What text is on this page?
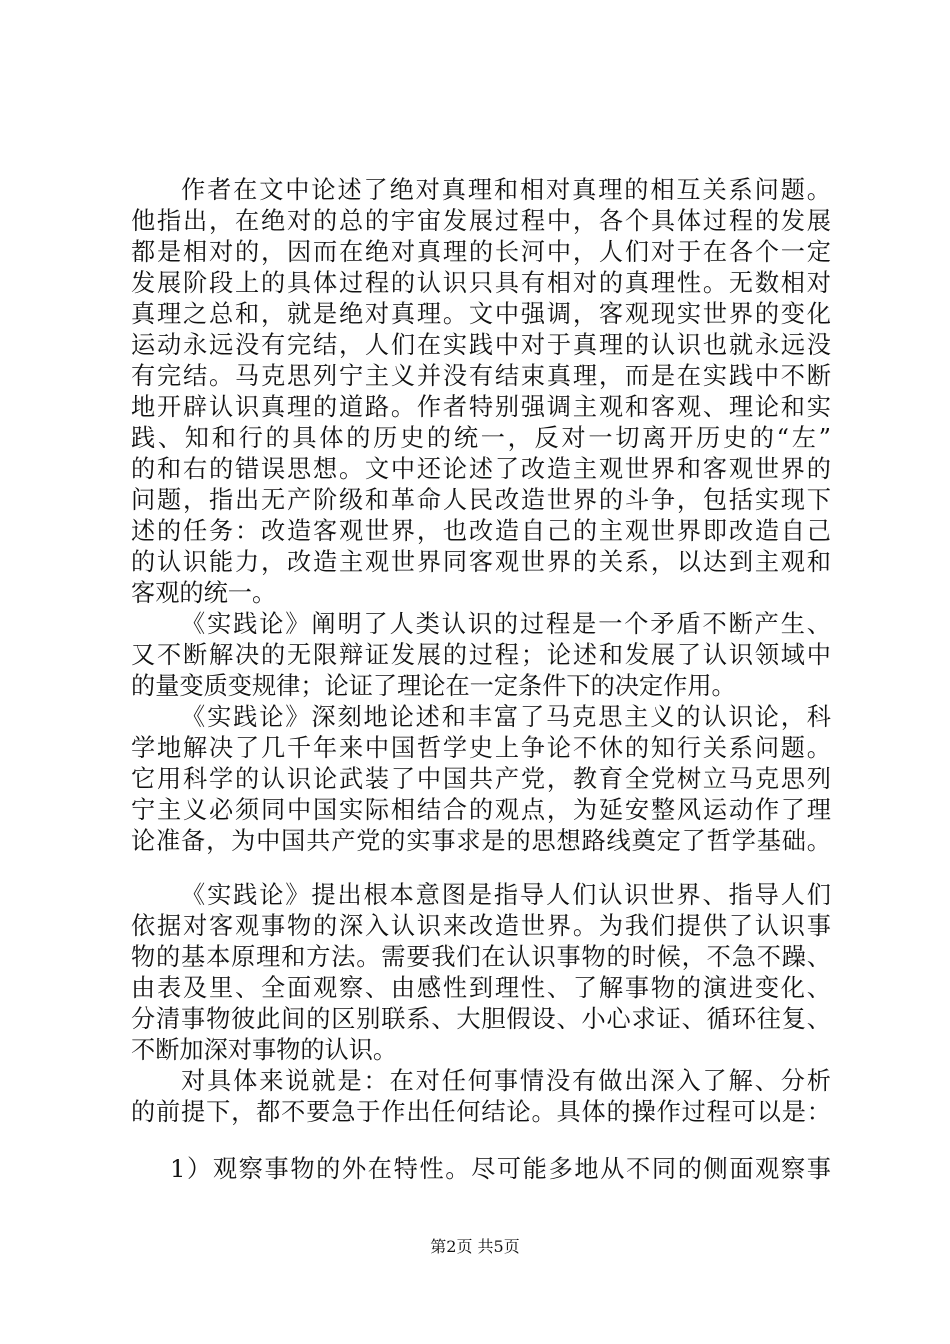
作者在文中论述了绝对真理和相对真理的相互关系问题。
他指出，在绝对的总的宇宙发展过程中，各个具体过程的发展
都是相对的，因而在绝对真理的长河中，人们对于在各个一定
发展阶段上的具体过程的认识只具有相对的真理性。无数相对
真理之总和，就是绝对真理。文中强调，客观现实世界的变化
运动永远没有完结，人们在实践中对于真理的认识也就永远没
有完结。马克思列宁主义并没有结束真理，而是在实践中不断
地开辟认识真理的道路。作者特别强调主观和客观、理论和实
践、知和行的具体的历史的统一，反对一切离开历史的“左”
的和右的错误思想。文中还论述了改造主观世界和客观世界的
问题，指出无产阶级和革命人民改造世界的斗争，包括实现下
述的任务：改造客观世界，也改造自己的主观世界即改造自己
的认识能力，改造主观世界同客观世界的关系，以达到主观和
客观的统一。
《实践论》阐明了人类认识的过程是一个矛盾不断产生、
又不断解决的无限辩证发展的过程；论述和发展了认识领域中
的量变质变规律；论证了理论在一定条件下的决定作用。
《实践论》深刻地论述和丰富了马克思主义的认识论，科
学地解决了几千年来中国哲学史上争论不休的知行关系问题。
它用科学的认识论武装了中国共产党，教育全党树立马克思列
宁主义必须同中国实际相结合的观点，为延安整风运动作了理
论准备，为中国共产党的实事求是的思想路线奠定了哲学基础。
《实践论》提出根本意图是指导人们认识世界、指导人们
依据对客观事物的深入认识来改造世界。为我们提供了认识事
物的基本原理和方法。需要我们在认识事物的时候，不急不躁、
由表及里、全面观察、由感性到理性、了解事物的演进变化、
分清事物彼此间的区别联系、大胆假设、小心求证、循环往复、
不断加深对事物的认识。
对具体来说就是：在对任何事情没有做出深入了解、分析
的前提下，都不要急于作出任何结论。具体的操作过程可以是：
1）观察事物的外在特性。尽可能多地从不同的侧面观察事
第2页 共5页
